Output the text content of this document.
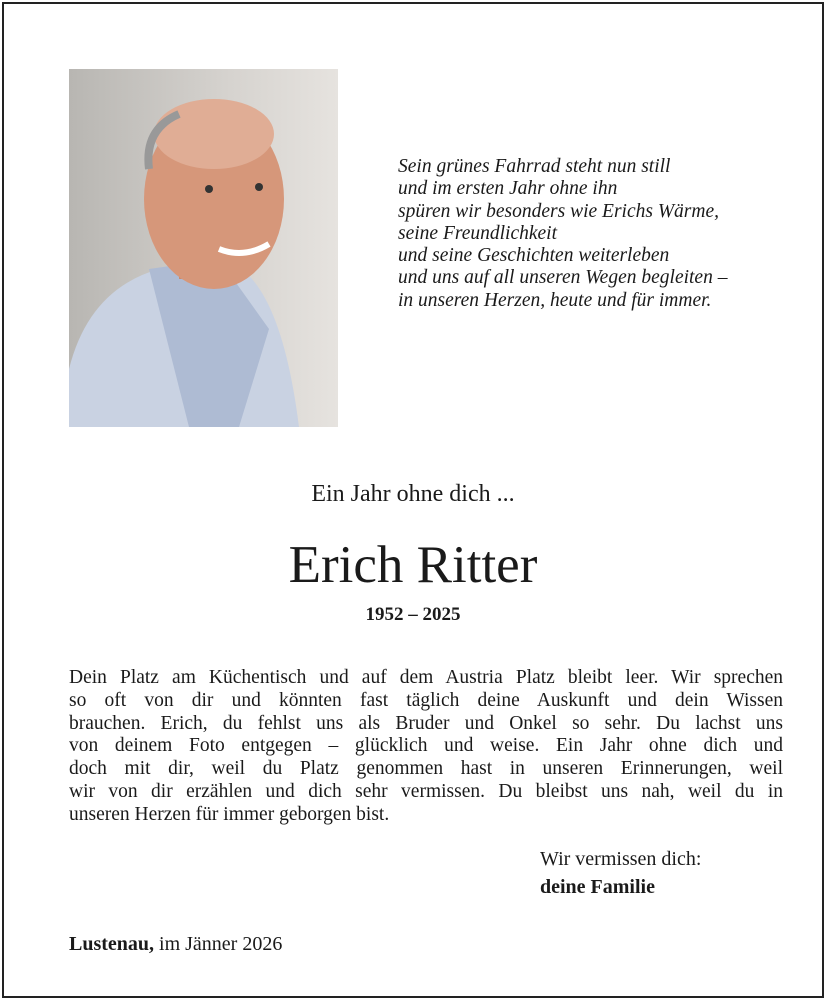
Sein grünes Fahrrad steht nun still
und im ersten Jahr ohne ihn
spüren wir besonders wie Erichs Wärme,
seine Freundlichkeit
und seine Geschichten weiterleben
und uns auf all unseren Wegen begleiten –
in unseren Herzen, heute und für immer.
Ein Jahr ohne dich ...
Erich Ritter
1952 – 2025
Dein Platz am Küchentisch und auf dem Austria Platz bleibt leer. Wir sprechen
so oft von dir und könnten fast täglich deine Auskunft und dein Wissen
brauchen. Erich, du fehlst uns als Bruder und Onkel so sehr. Du lachst uns
von deinem Foto entgegen – glücklich und weise. Ein Jahr ohne dich und
doch mit dir, weil du Platz genommen hast in unseren Erinnerungen, weil
wir von dir erzählen und dich sehr vermissen. Du bleibst uns nah, weil du in
unseren Herzen für immer geborgen bist.
Wir vermissen dich:
deine Familie
Lustenau, im Jänner 2026
